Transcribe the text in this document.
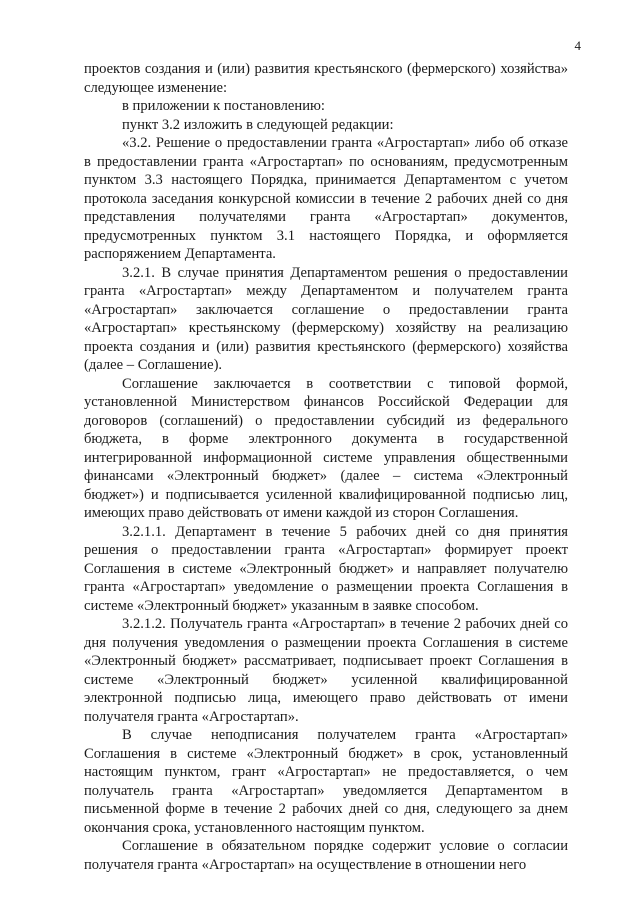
4

проектов создания и (или) развития крестьянского (фермерского) хозяйства» следующее изменение:

в приложении к постановлению:

пункт 3.2 изложить в следующей редакции:

«3.2. Решение о предоставлении гранта «Агростартап» либо об отказе в предоставлении гранта «Агростартап» по основаниям, предусмотренным пунктом 3.3 настоящего Порядка, принимается Департаментом с учетом протокола заседания конкурсной комиссии в течение 2 рабочих дней со дня представления получателями гранта «Агростартап» документов, предусмотренных пунктом 3.1 настоящего Порядка, и оформляется распоряжением Департамента.

3.2.1. В случае принятия Департаментом решения о предоставлении гранта «Агростартап» между Департаментом и получателем гранта «Агростартап» заключается соглашение о предоставлении гранта «Агростартап» крестьянскому (фермерскому) хозяйству на реализацию проекта создания и (или) развития крестьянского (фермерского) хозяйства (далее – Соглашение).

Соглашение заключается в соответствии с типовой формой, установленной Министерством финансов Российской Федерации для договоров (соглашений) о предоставлении субсидий из федерального бюджета, в форме электронного документа в государственной интегрированной информационной системе управления общественными финансами «Электронный бюджет» (далее – система «Электронный бюджет») и подписывается усиленной квалифицированной подписью лиц, имеющих право действовать от имени каждой из сторон Соглашения.

3.2.1.1. Департамент в течение 5 рабочих дней со дня принятия решения о предоставлении гранта «Агростартап» формирует проект Соглашения в системе «Электронный бюджет» и направляет получателю гранта «Агростартап» уведомление о размещении проекта Соглашения в системе «Электронный бюджет» указанным в заявке способом.

3.2.1.2. Получатель гранта «Агростартап» в течение 2 рабочих дней со дня получения уведомления о размещении проекта Соглашения в системе «Электронный бюджет» рассматривает, подписывает проект Соглашения в системе «Электронный бюджет» усиленной квалифицированной электронной подписью лица, имеющего право действовать от имени получателя гранта «Агростартап».

В случае неподписания получателем гранта «Агростартап» Соглашения в системе «Электронный бюджет» в срок, установленный настоящим пунктом, грант «Агростартап» не предоставляется, о чем получатель гранта «Агростартап» уведомляется Департаментом в письменной форме в течение 2 рабочих дней со дня, следующего за днем окончания срока, установленного настоящим пунктом.

Соглашение в обязательном порядке содержит условие о согласии получателя гранта «Агростартап» на осуществление в отношении него
